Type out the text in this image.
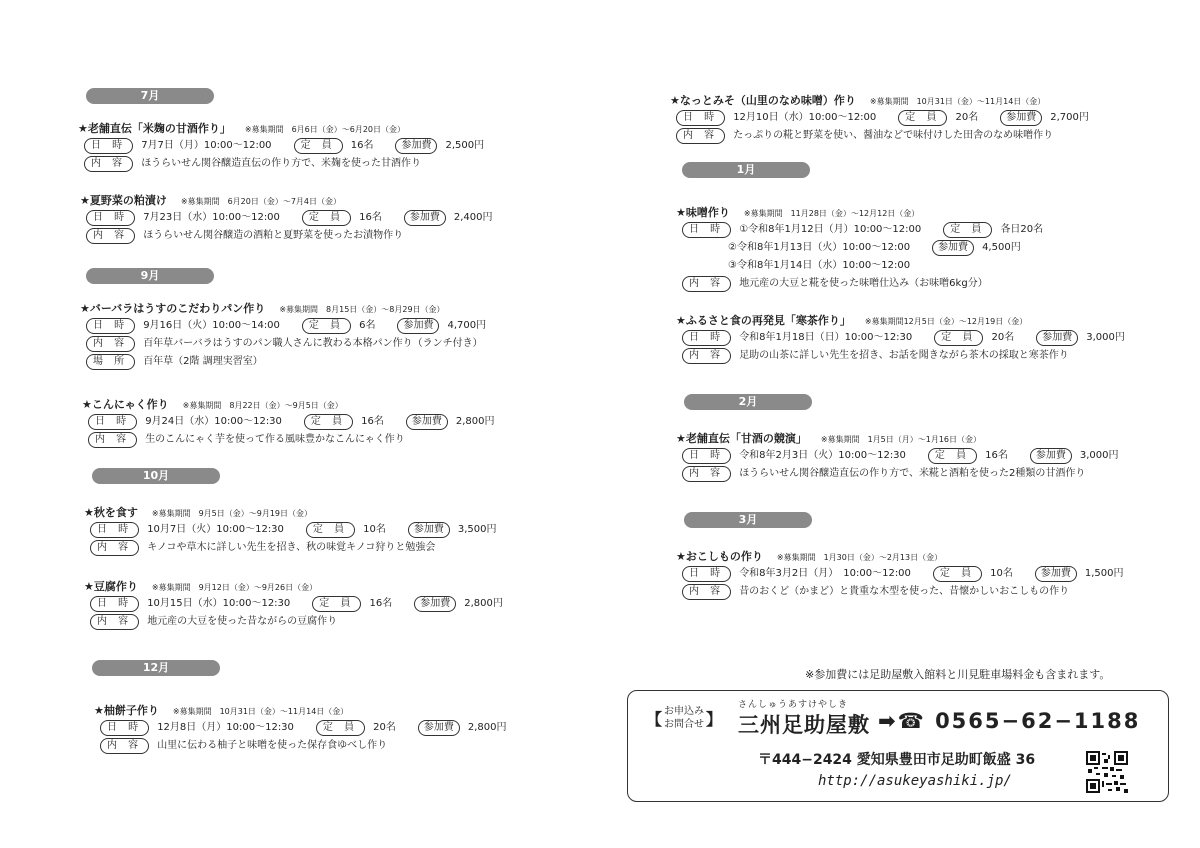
7月
★老舗直伝「米麹の甘酒作り」 ※募集期間　6月6日（金）～6月20日（金）
日 時	7月7日（月）10:00～12:00	定 員	16名	参加費	2,500円
内 容	ほうらいせん関谷醸造直伝の作り方で、米麹を使った甘酒作り
★夏野菜の粕漬け ※募集期間　6月20日（金）～7月4日（金）
日 時	7月23日（水）10:00～12:00	定 員	16名	参加費	2,400円
内 容	ほうらいせん関谷醸造の酒粕と夏野菜を使ったお漬物作り
9月
★バーバラはうすのこだわりパン作り ※募集期間　8月15日（金）～8月29日（金）
日 時	9月16日（火）10:00～14:00	定 員	6名	参加費	4,700円
内 容	百年草バーバラはうすのパン職人さんに教わる本格パン作り（ランチ付き）
場 所	百年草（2階 調理実習室）
★こんにゃく作り ※募集期間　8月22日（金）～9月5日（金）
日 時	9月24日（水）10:00～12:30	定 員	16名	参加費	2,800円
内 容	生のこんにゃく芋を使って作る風味豊かなこんにゃく作り
10月
★秋を食す ※募集期間　9月5日（金）～9月19日（金）
日 時	10月7日（火）10:00～12:30	定 員	10名	参加費	3,500円
内 容	キノコや草木に詳しい先生を招き、秋の味覚キノコ狩りと勉強会
★豆腐作り ※募集期間　9月12日（金）～9月26日（金）
日 時	10月15日（水）10:00～12:30	定 員	16名	参加費	2,800円
内 容	地元産の大豆を使った昔ながらの豆腐作り
12月
★柚餅子作り ※募集期間　10月31日（金）～11月14日（金）
日 時	12月8日（月）10:00～12:30	定 員	20名	参加費	2,800円
内 容	山里に伝わる柚子と味噌を使った保存食ゆべし作り
★なっとみそ（山里のなめ味噌）作り ※募集期間　10月31日（金）～11月14日（金）
日 時	12月10日（水）10:00～12:00	定 員	20名	参加費	2,700円
内 容	たっぷりの糀と野菜を使い、醤油などで味付けした田舎のなめ味噌作り
1月
★味噌作り ※募集期間　11月28日（金）～12月12日（金）
日 時	①令和8年1月12日（月）10:00～12:00	定 員	各日20名
②令和8年1月13日（火）10:00～12:00	参加費	4,500円
③令和8年1月14日（水）10:00～12:00
内 容	地元産の大豆と糀を使った味噌仕込み（お味噌6kg分）
★ふるさと食の再発見「寒茶作り」 ※募集期間12月5日（金）～12月19日（金）
日 時	令和8年1月18日（日）10:00～12:30	定 員	20名	参加費	3,000円
内 容	足助の山茶に詳しい先生を招き、お話を聞きながら茶木の採取と寒茶作り
2月
★老舗直伝「甘酒の競演」 ※募集期間　1月5日（月）～1月16日（金）
日 時	令和8年2月3日（火）10:00～12:30	定 員	16名	参加費	3,000円
内 容	ほうらいせん関谷醸造直伝の作り方で、米糀と酒粕を使った2種類の甘酒作り
3月
★おこしもの作り ※募集期間　1月30日（金）～2月13日（金）
日 時	令和8年3月2日（月）　10:00～12:00	定 員	10名	参加費	1,500円
内 容	昔のおくど（かまど）と貴重な木型を使った、昔懐かしいおこしもの作り
※参加費には足助屋敷入館料と川見駐車場料金も含まれます。
【 お申込み
お問合せ 】
さんしゅうあすけやしき
三州足助屋敷 ➡☎ 0565−62−1188
〒444−2424 愛知県豊田市足助町飯盛 36
http://asukeyashiki.jp/
